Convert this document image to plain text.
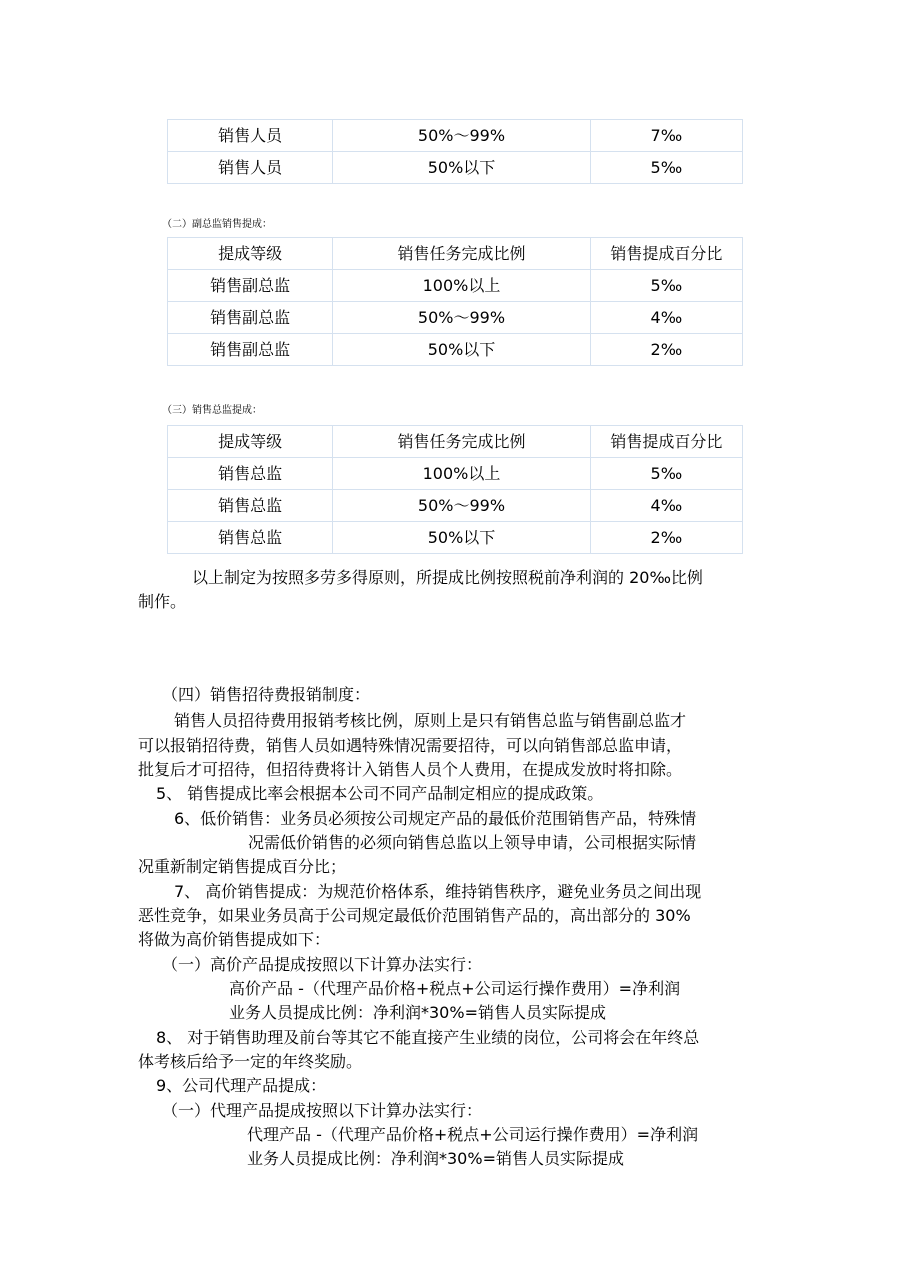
销售人员	50%～99%	7‰
销售人员	50%以下	5‰
（二）副总监销售提成：
提成等级	销售任务完成比例	销售提成百分比
销售副总监	100%以上	5‰
销售副总监	50%～99%	4‰
销售副总监	50%以下	2‰
（三）销售总监提成：
提成等级	销售任务完成比例	销售提成百分比
销售总监	100%以上	5‰
销售总监	50%～99%	4‰
销售总监	50%以下	2‰
以上制定为按照多劳多得原则，所提成比例按照税前净利润的 20‰比例
制作。
（四）销售招待费报销制度：
销售人员招待费用报销考核比例，原则上是只有销售总监与销售副总监才
可以报销招待费，销售人员如遇特殊情况需要招待，可以向销售部总监申请，
批复后才可招待，但招待费将计入销售人员个人费用，在提成发放时将扣除。
5、 销售提成比率会根据本公司不同产品制定相应的提成政策。
6、低价销售：业务员必须按公司规定产品的最低价范围销售产品，特殊情
况需低价销售的必须向销售总监以上领导申请，公司根据实际情
况重新制定销售提成百分比；
7、 高价销售提成：为规范价格体系，维持销售秩序，避免业务员之间出现
恶性竞争，如果业务员高于公司规定最低价范围销售产品的，高出部分的 30%
将做为高价销售提成如下：
（一）高价产品提成按照以下计算办法实行：
高价产品 -（代理产品价格+税点+公司运行操作费用）=净利润
业务人员提成比例：净利润*30%=销售人员实际提成
8、 对于销售助理及前台等其它不能直接产生业绩的岗位，公司将会在年终总
体考核后给予一定的年终奖励。
9、公司代理产品提成：
（一）代理产品提成按照以下计算办法实行：
代理产品 -（代理产品价格+税点+公司运行操作费用）=净利润
业务人员提成比例：净利润*30%=销售人员实际提成
